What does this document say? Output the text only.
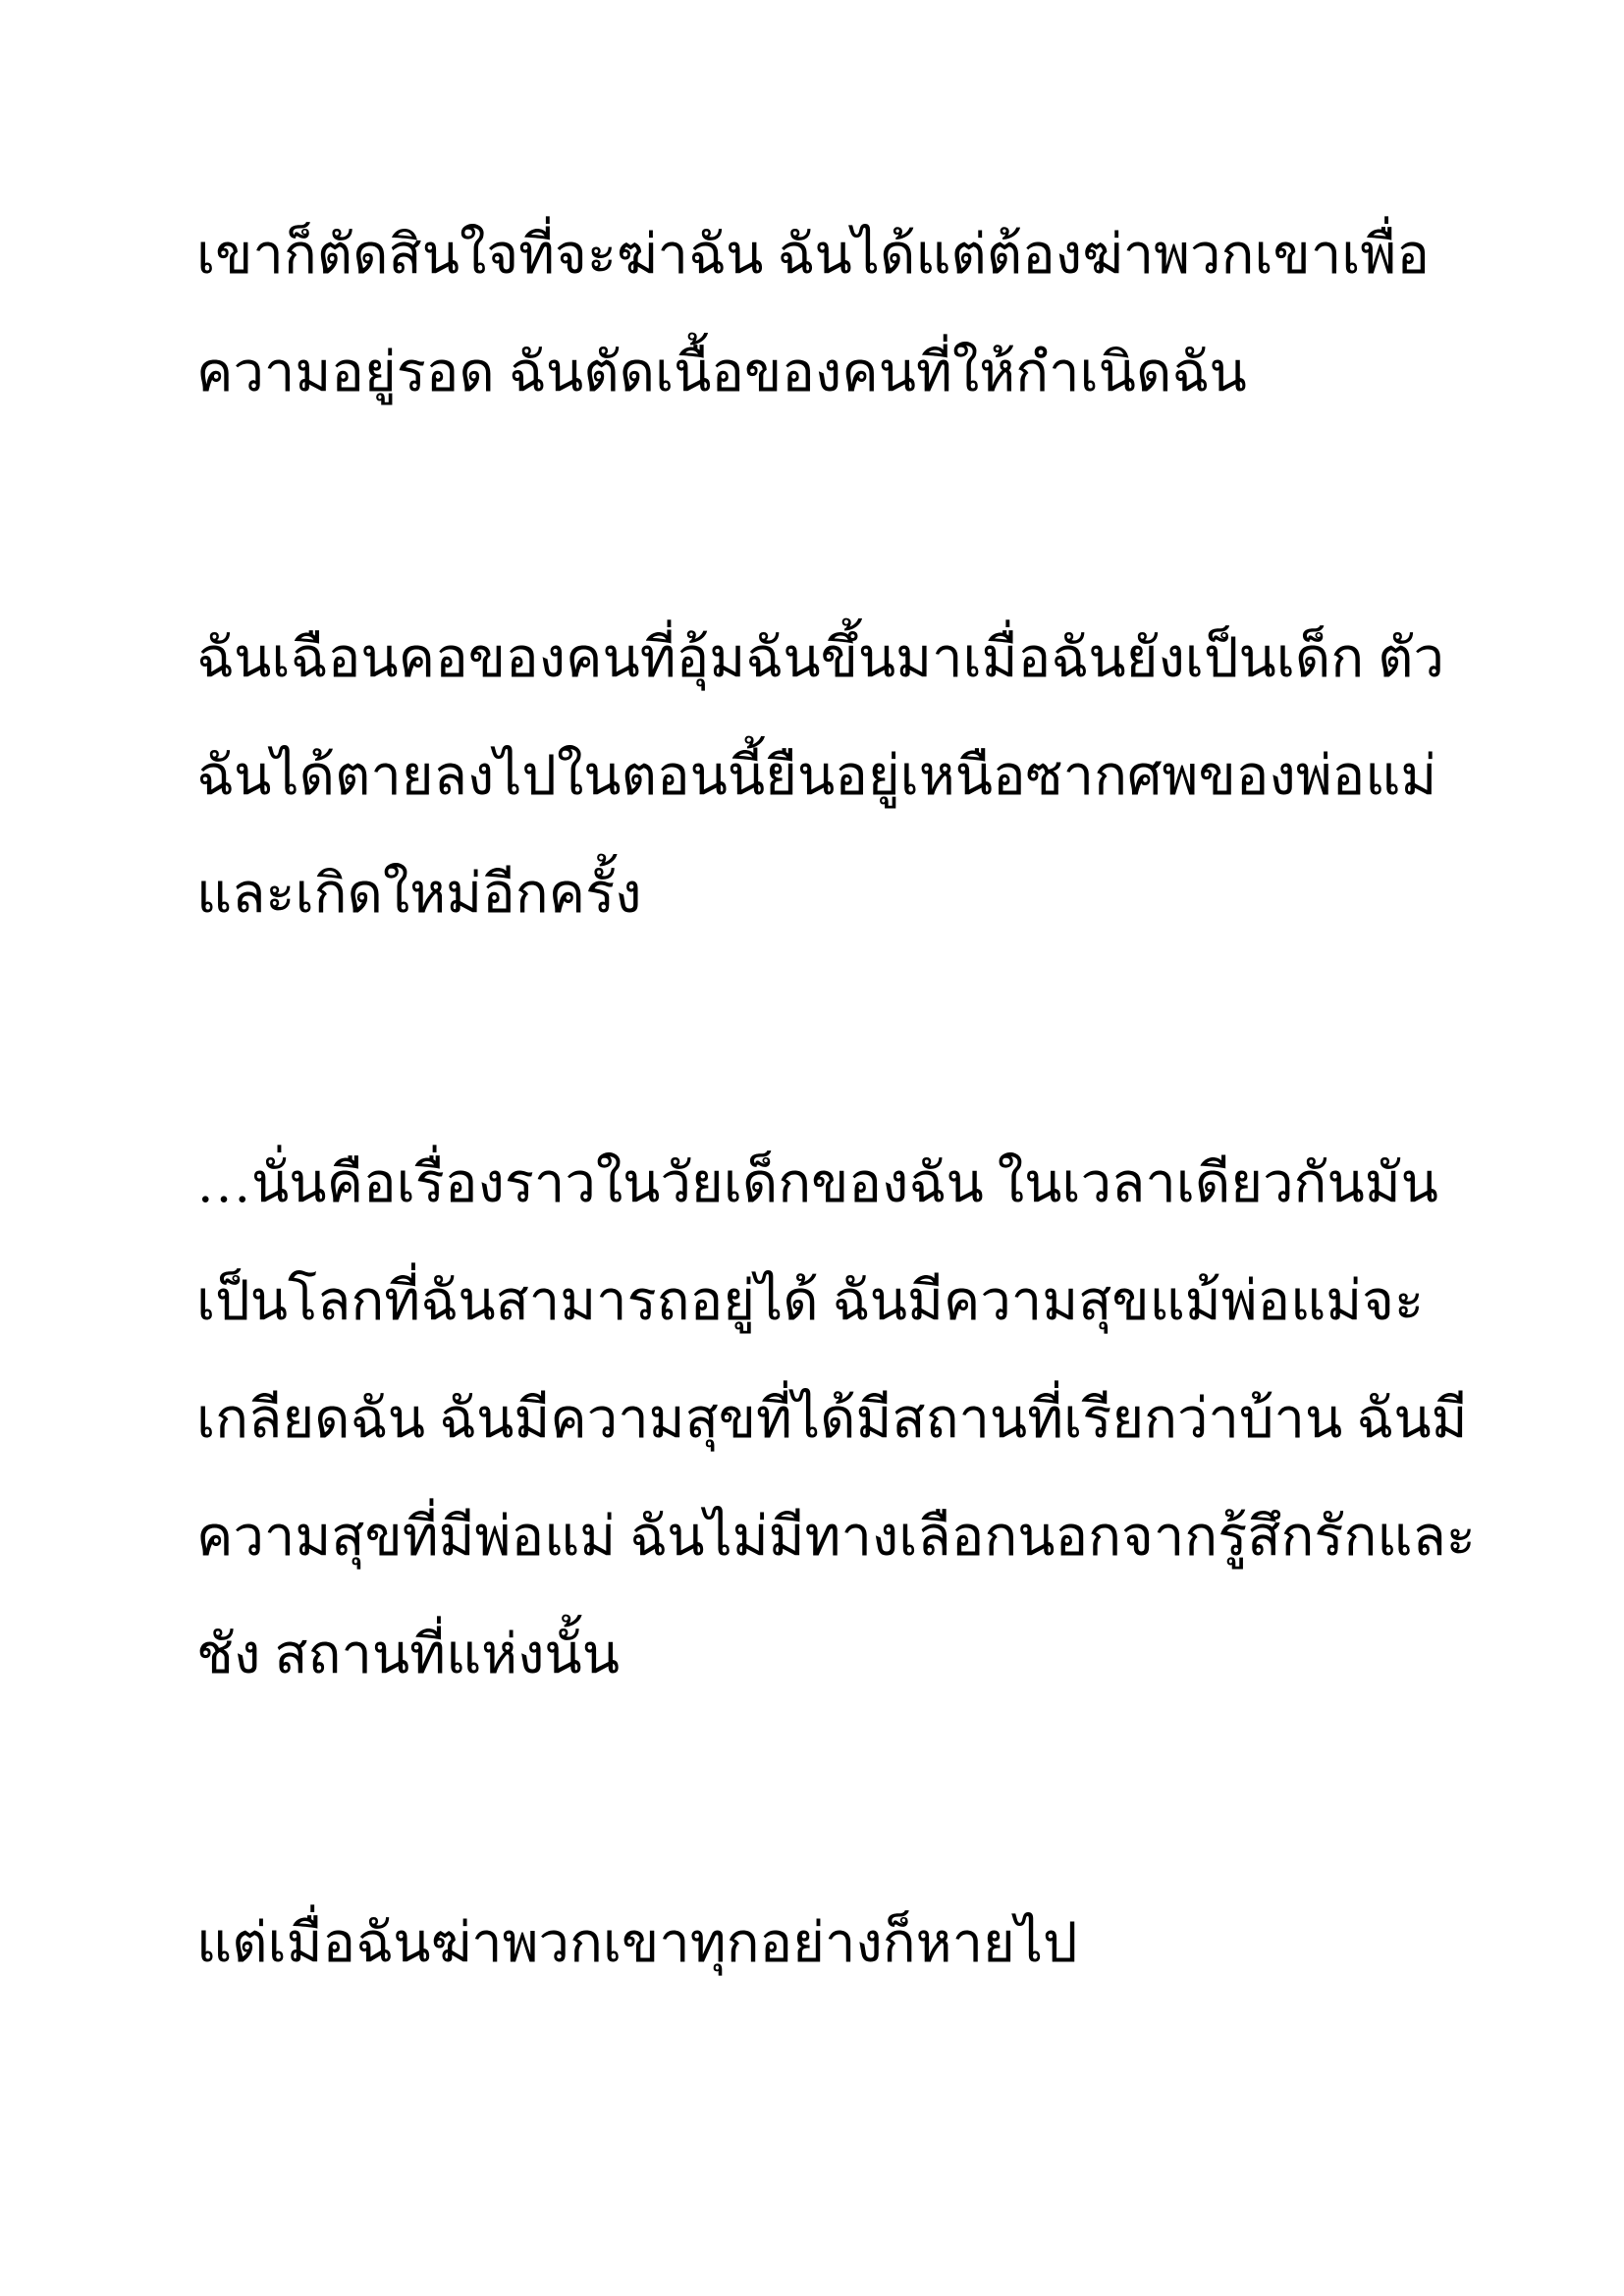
เขาก็ตัดสินใจที่จะฆ่าฉัน ฉันได้แต่ต้องฆ่าพวกเขาเพื่อ

ความอยู่รอด ฉันตัดเนื้อของคนที่ให้กำเนิดฉัน

ฉันเฉือนคอของคนที่อุ้มฉันขึ้นมาเมื่อฉันยังเป็นเด็ก ตัว

ฉันได้ตายลงไปในตอนนี้ยืนอยู่เหนือซากศพของพ่อแม่

และเกิดใหม่อีกครั้ง

…นั่นคือเรื่องราวในวัยเด็กของฉัน ในเวลาเดียวกันมัน

เป็นโลกที่ฉันสามารถอยู่ได้ ฉันมีความสุขแม้พ่อแม่จะ

เกลียดฉัน ฉันมีความสุขที่ได้มีสถานที่เรียกว่าบ้าน ฉันมี

ความสุขที่มีพ่อแม่ ฉันไม่มีทางเลือกนอกจากรู้สึกรักและ

ชัง สถานที่แห่งนั้น

แต่เมื่อฉันฆ่าพวกเขาทุกอย่างก็หายไป
